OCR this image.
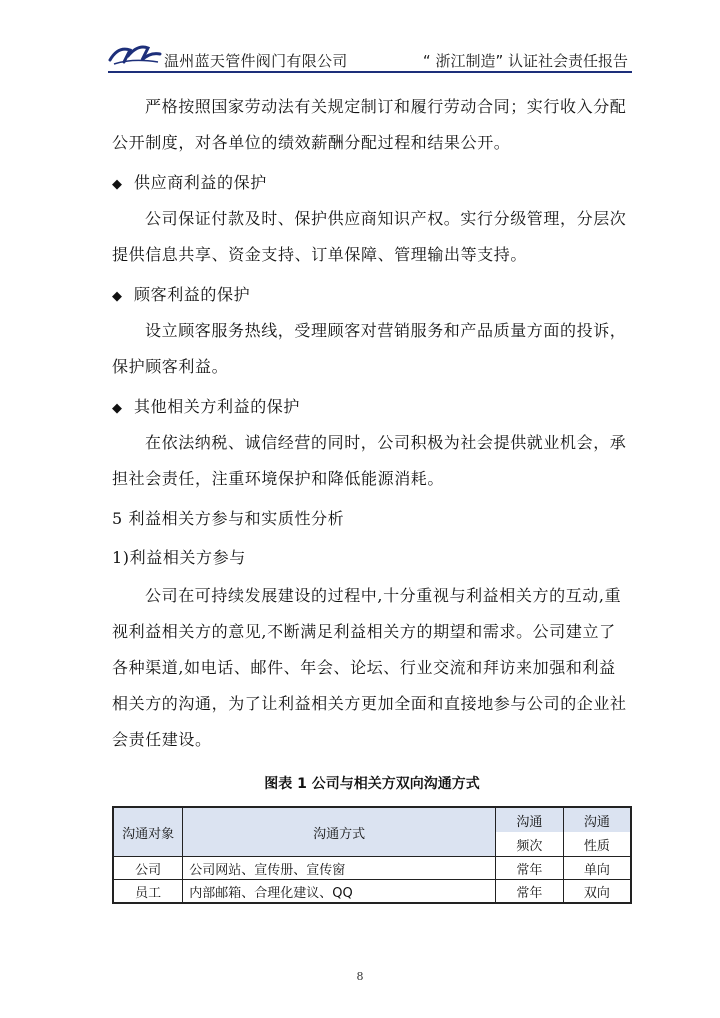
温州蓝天管件阀门有限公司	“ 浙江制造” 认证社会责任报告
严格按照国家劳动法有关规定制订和履行劳动合同；实行收入分配
公开制度，对各单位的绩效薪酬分配过程和结果公开。
◆ 供应商利益的保护
公司保证付款及时、保护供应商知识产权。实行分级管理，分层次
提供信息共享、资金支持、订单保障、管理输出等支持。
◆ 顾客利益的保护
设立顾客服务热线，受理顾客对营销服务和产品质量方面的投诉，
保护顾客利益。
◆ 其他相关方利益的保护
在依法纳税、诚信经营的同时，公司积极为社会提供就业机会，承
担社会责任，注重环境保护和降低能源消耗。
5 利益相关方参与和实质性分析
1)利益相关方参与
公司在可持续发展建设的过程中,十分重视与利益相关方的互动,重
视利益相关方的意见,不断满足利益相关方的期望和需求。公司建立了
各种渠道,如电话、邮件、年会、论坛、行业交流和拜访来加强和利益
相关方的沟通，为了让利益相关方更加全面和直接地参与公司的企业社
会责任建设。
图表 1 公司与相关方双向沟通方式
沟通对象	沟通方式	沟通	沟通
		频次	性质
公司	公司网站、宣传册、宣传窗	常年	单向
员工	内部邮箱、合理化建议、QQ	常年	双向
8
